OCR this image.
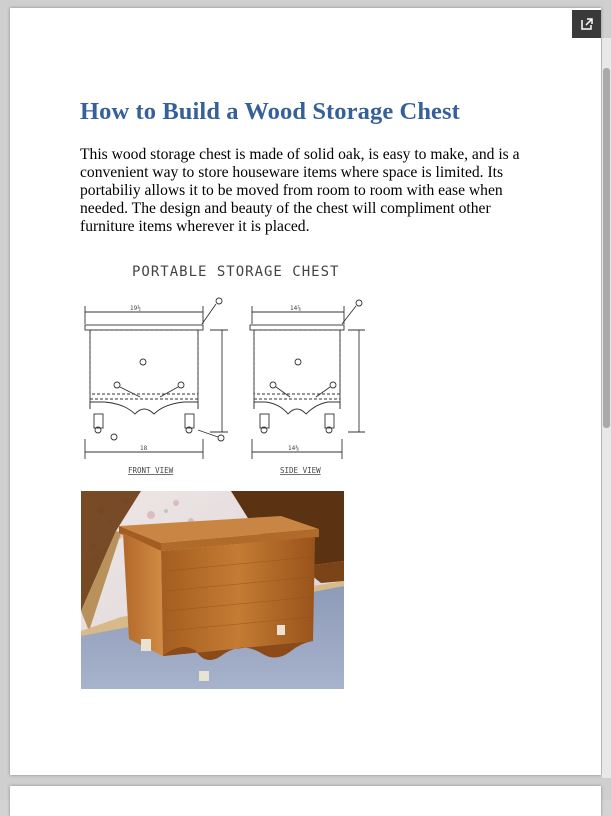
How to Build a Wood Storage Chest

This wood storage chest is made of solid oak, is easy to make, and is a convenient way to store houseware items where space is limited. Its portabiliy allows it to be moved from room to room with ease when needed. The design and beauty of the chest will compliment other furniture items wherever it is placed.

PORTABLE STORAGE CHEST
19½
18
14⅞
14⅜
FRONT VIEW	SIDE VIEW
